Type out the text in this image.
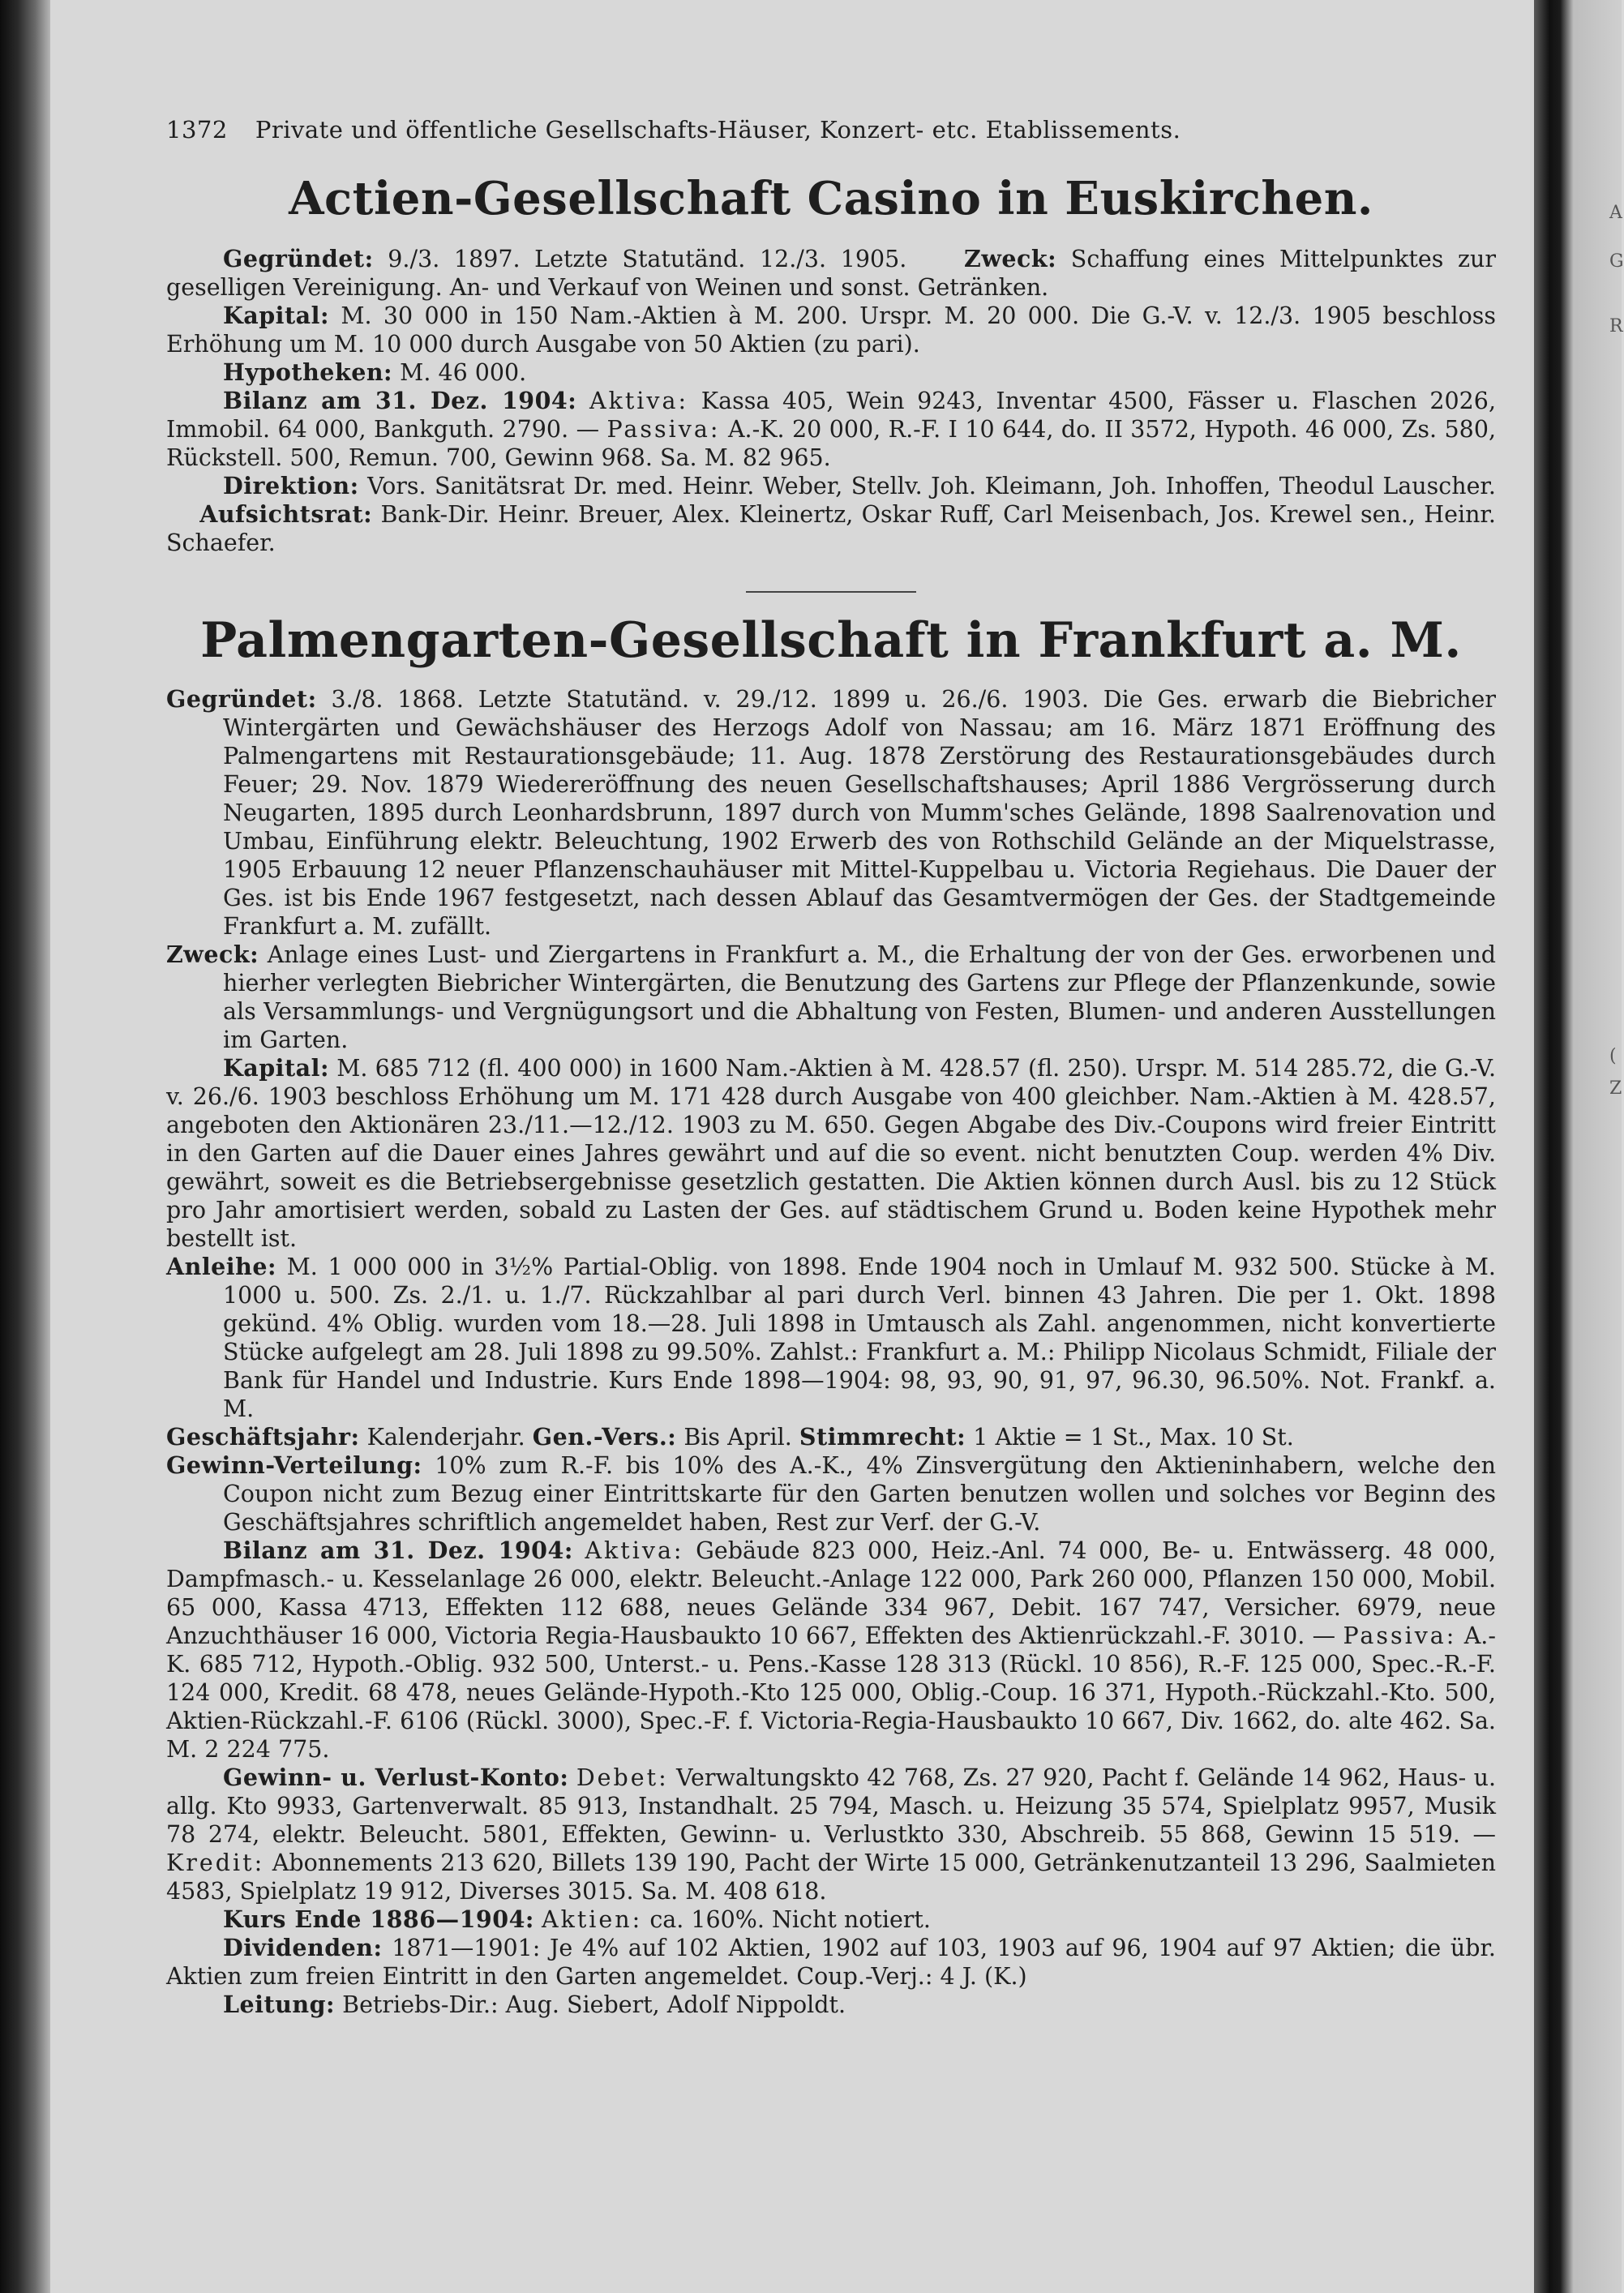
A
G
R
(
Z
1372 Private und öffentliche Gesellschafts-Häuser, Konzert- etc. Etablissements.
Actien-Gesellschaft Casino in Euskirchen.

Gegründet: 9./3. 1897. Letzte Statutänd. 12./3. 1905. Zweck: Schaffung eines Mittelpunktes zur geselligen Vereinigung. An- und Verkauf von Weinen und sonst. Getränken.

Kapital: M. 30 000 in 150 Nam.-Aktien à M. 200. Urspr. M. 20 000. Die G.-V. v. 12./3. 1905 beschloss Erhöhung um M. 10 000 durch Ausgabe von 50 Aktien (zu pari).

Hypotheken: M. 46 000.

Bilanz am 31. Dez. 1904: Aktiva: Kassa 405, Wein 9243, Inventar 4500, Fässer u. Flaschen 2026, Immobil. 64 000, Bankguth. 2790. — Passiva: A.-K. 20 000, R.-F. I 10 644, do. II 3572, Hypoth. 46 000, Zs. 580, Rückstell. 500, Remun. 700, Gewinn 968. Sa. M. 82 965.

Direktion: Vors. Sanitätsrat Dr. med. Heinr. Weber, Stellv. Joh. Kleimann, Joh. Inhoffen, Theodul Lauscher.     Aufsichtsrat: Bank-Dir. Heinr. Breuer, Alex. Kleinertz, Oskar Ruff, Carl Meisenbach, Jos. Krewel sen., Heinr. Schaefer.

Palmengarten-Gesellschaft in Frankfurt a. M.

Gegründet: 3./8. 1868. Letzte Statutänd. v. 29./12. 1899 u. 26./6. 1903. Die Ges. erwarb die Biebricher Wintergärten und Gewächshäuser des Herzogs Adolf von Nassau; am 16. März 1871 Eröffnung des Palmengartens mit Restaurationsgebäude; 11. Aug. 1878 Zerstörung des Restaurationsgebäudes durch Feuer; 29. Nov. 1879 Wiedereröffnung des neuen Gesellschaftshauses; April 1886 Vergrösserung durch Neugarten, 1895 durch Leonhardsbrunn, 1897 durch von Mumm'sches Gelände, 1898 Saalrenovation und Umbau, Einführung elektr. Beleuchtung, 1902 Erwerb des von Rothschild Gelände an der Miquelstrasse, 1905 Erbauung 12 neuer Pflanzenschauhäuser mit Mittel-Kuppelbau u. Victoria Regiehaus. Die Dauer der Ges. ist bis Ende 1967 festgesetzt, nach dessen Ablauf das Gesamtvermögen der Ges. der Stadtgemeinde Frankfurt a. M. zufällt.

Zweck: Anlage eines Lust- und Ziergartens in Frankfurt a. M., die Erhaltung der von der Ges. erworbenen und hierher verlegten Biebricher Wintergärten, die Benutzung des Gartens zur Pflege der Pflanzenkunde, sowie als Versammlungs- und Vergnügungsort und die Abhaltung von Festen, Blumen- und anderen Ausstellungen im Garten.

Kapital: M. 685 712 (fl. 400 000) in 1600 Nam.-Aktien à M. 428.57 (fl. 250). Urspr. M. 514 285.72, die G.-V. v. 26./6. 1903 beschloss Erhöhung um M. 171 428 durch Ausgabe von 400 gleichber. Nam.-Aktien à M. 428.57, angeboten den Aktionären 23./11.—12./12. 1903 zu M. 650. Gegen Abgabe des Div.-Coupons wird freier Eintritt in den Garten auf die Dauer eines Jahres gewährt und auf die so event. nicht benutzten Coup. werden 4% Div. gewährt, soweit es die Betriebsergebnisse gesetzlich gestatten. Die Aktien können durch Ausl. bis zu 12 Stück pro Jahr amortisiert werden, sobald zu Lasten der Ges. auf städtischem Grund u. Boden keine Hypothek mehr bestellt ist.

Anleihe: M. 1 000 000 in 3½% Partial-Oblig. von 1898. Ende 1904 noch in Umlauf M. 932 500. Stücke à M. 1000 u. 500. Zs. 2./1. u. 1./7. Rückzahlbar al pari durch Verl. binnen 43 Jahren. Die per 1. Okt. 1898 gekünd. 4% Oblig. wurden vom 18.—28. Juli 1898 in Umtausch als Zahl. angenommen, nicht konvertierte Stücke aufgelegt am 28. Juli 1898 zu 99.50%. Zahlst.: Frankfurt a. M.: Philipp Nicolaus Schmidt, Filiale der Bank für Handel und Industrie. Kurs Ende 1898—1904: 98, 93, 90, 91, 97, 96.30, 96.50%. Not. Frankf. a. M.

Geschäftsjahr: Kalenderjahr. Gen.-Vers.: Bis April. Stimmrecht: 1 Aktie = 1 St., Max. 10 St.

Gewinn-Verteilung: 10% zum R.-F. bis 10% des A.-K., 4% Zinsvergütung den Aktieninhabern, welche den Coupon nicht zum Bezug einer Eintrittskarte für den Garten benutzen wollen und solches vor Beginn des Geschäftsjahres schriftlich angemeldet haben, Rest zur Verf. der G.-V.

Bilanz am 31. Dez. 1904: Aktiva: Gebäude 823 000, Heiz.-Anl. 74 000, Be- u. Entwässerg. 48 000, Dampfmasch.- u. Kesselanlage 26 000, elektr. Beleucht.-Anlage 122 000, Park 260 000, Pflanzen 150 000, Mobil. 65 000, Kassa 4713, Effekten 112 688, neues Gelände 334 967, Debit. 167 747, Versicher. 6979, neue Anzuchthäuser 16 000, Victoria Regia-Hausbaukto 10 667, Effekten des Aktienrückzahl.-F. 3010. — Passiva: A.-K. 685 712, Hypoth.-Oblig. 932 500, Unterst.- u. Pens.-Kasse 128 313 (Rückl. 10 856), R.-F. 125 000, Spec.-R.-F. 124 000, Kredit. 68 478, neues Gelände-Hypoth.-Kto 125 000, Oblig.-Coup. 16 371, Hypoth.-Rückzahl.-Kto. 500, Aktien-Rückzahl.-F. 6106 (Rückl. 3000), Spec.-F. f. Victoria-Regia-Hausbaukto 10 667, Div. 1662, do. alte 462. Sa. M. 2 224 775.

Gewinn- u. Verlust-Konto: Debet: Verwaltungskto 42 768, Zs. 27 920, Pacht f. Gelände 14 962, Haus- u. allg. Kto 9933, Gartenverwalt. 85 913, Instandhalt. 25 794, Masch. u. Heizung 35 574, Spielplatz 9957, Musik 78 274, elektr. Beleucht. 5801, Effekten, Gewinn- u. Verlustkto 330, Abschreib. 55 868, Gewinn 15 519. — Kredit: Abonnements 213 620, Billets 139 190, Pacht der Wirte 15 000, Getränkenutzanteil 13 296, Saalmieten 4583, Spielplatz 19 912, Diverses 3015. Sa. M. 408 618.

Kurs Ende 1886—1904: Aktien: ca. 160%. Nicht notiert.

Dividenden: 1871—1901: Je 4% auf 102 Aktien, 1902 auf 103, 1903 auf 96, 1904 auf 97 Aktien; die übr. Aktien zum freien Eintritt in den Garten angemeldet. Coup.-Verj.: 4 J. (K.)

Leitung: Betriebs-Dir.: Aug. Siebert, Adolf Nippoldt.
